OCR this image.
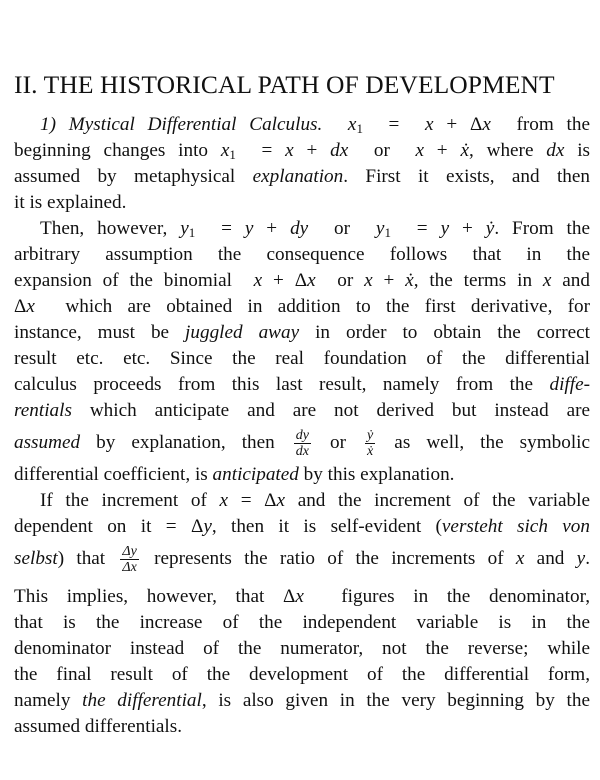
II. THE HISTORICAL PATH OF DEVELOPMENT
1) Mystical Differential Calculus. $x_1 = x + \Delta x$  from the
beginning changes into $x_1 = x$ + dx  or  x + ẋ, where dx is
assumed by metaphysical explanation. First it exists, and then
it is explained.
Then, however, $y_1 = y$ + dy  or  $y_1 = y$ + ẏ. From the
arbitrary assumption the consequence follows that in the
expansion of the binomial  x + Δx  or x + ẋ, the terms in x and
Δx  which are obtained in addition to the first derivative, for
instance, must be juggled away in order to obtain the correct
result etc. etc. Since the real foundation of the differential
calculus proceeds from this last result, namely from the diffe-
rentials which anticipate and are not derived but instead are
assumed by explanation, then $\frac{dy}{dx}$ or $\frac{\text{ẏ}}{\text{ẋ}}$ as well, the symbolic
differential coefficient, is anticipated by this explanation.
If the increment of x = Δx and the increment of the variable
dependent on it = Δy, then it is self-evident (versteht sich von
selbst) that $\frac{\Delta y}{\Delta x}$ represents the ratio of the increments of x and y.
This implies, however, that Δx  figures in the denominator,
that is the increase of the independent variable is in the
denominator instead of the numerator, not the reverse; while
the final result of the development of the differential form,
namely the differential, is also given in the very beginning by the
assumed differentials.
